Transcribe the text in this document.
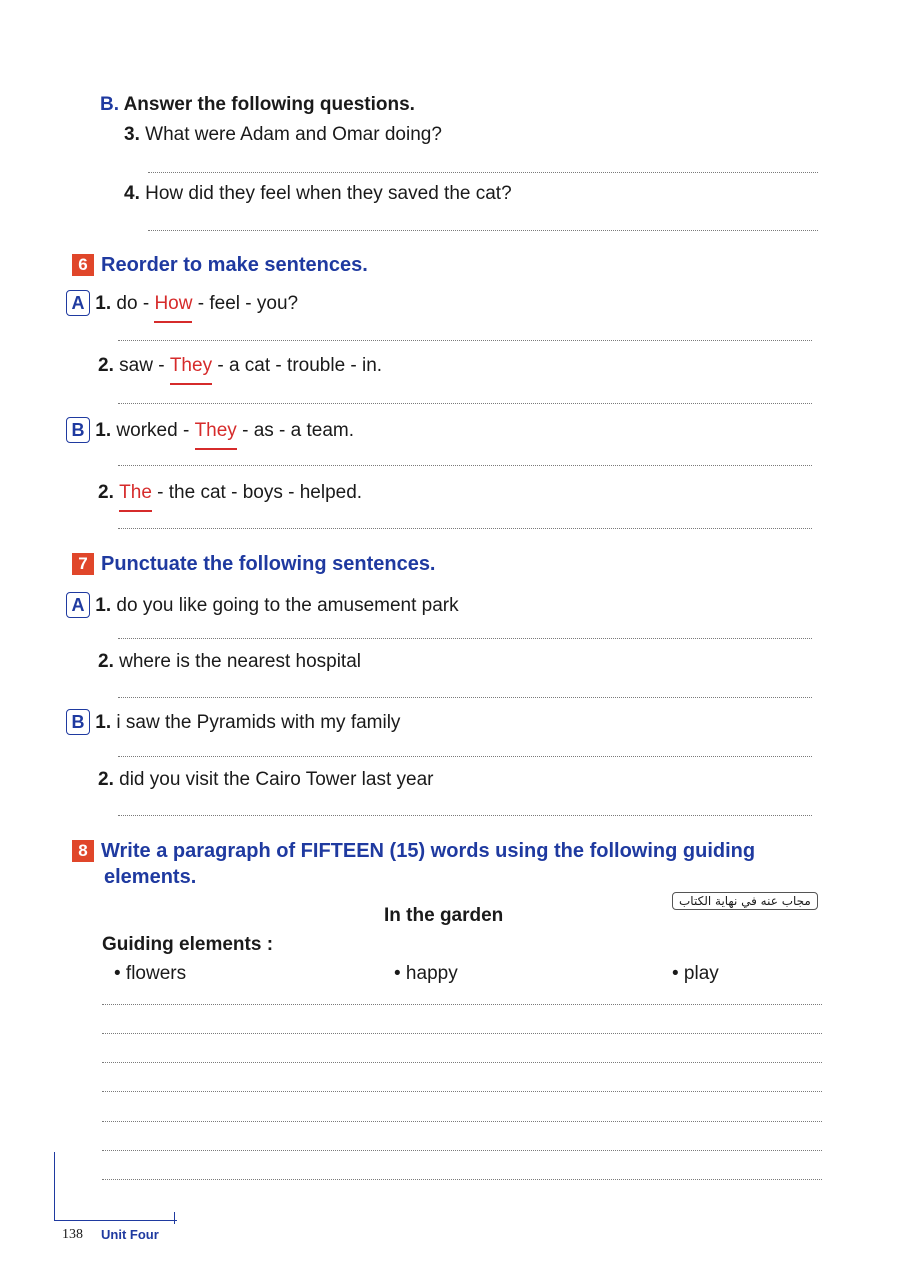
B. Answer the following questions.
3. What were Adam and Omar doing?
4. How did they feel when they saved the cat?
6 Reorder to make sentences.
A 1. do - How - feel - you?
2. saw - They - a cat - trouble - in.
B 1. worked - They - as - a team.
2. The - the cat - boys - helped.
7 Punctuate the following sentences.
A 1. do you like going to the amusement park
2. where is the nearest hospital
B 1. i saw the Pyramids with my family
2. did you visit the Cairo Tower last year
8 Write a paragraph of FIFTEEN (15) words using the following guiding
elements.
مجاب عنه في نهاية الكتاب
In the garden
Guiding elements :
• flowers	• happy	• play
138 Unit Four
